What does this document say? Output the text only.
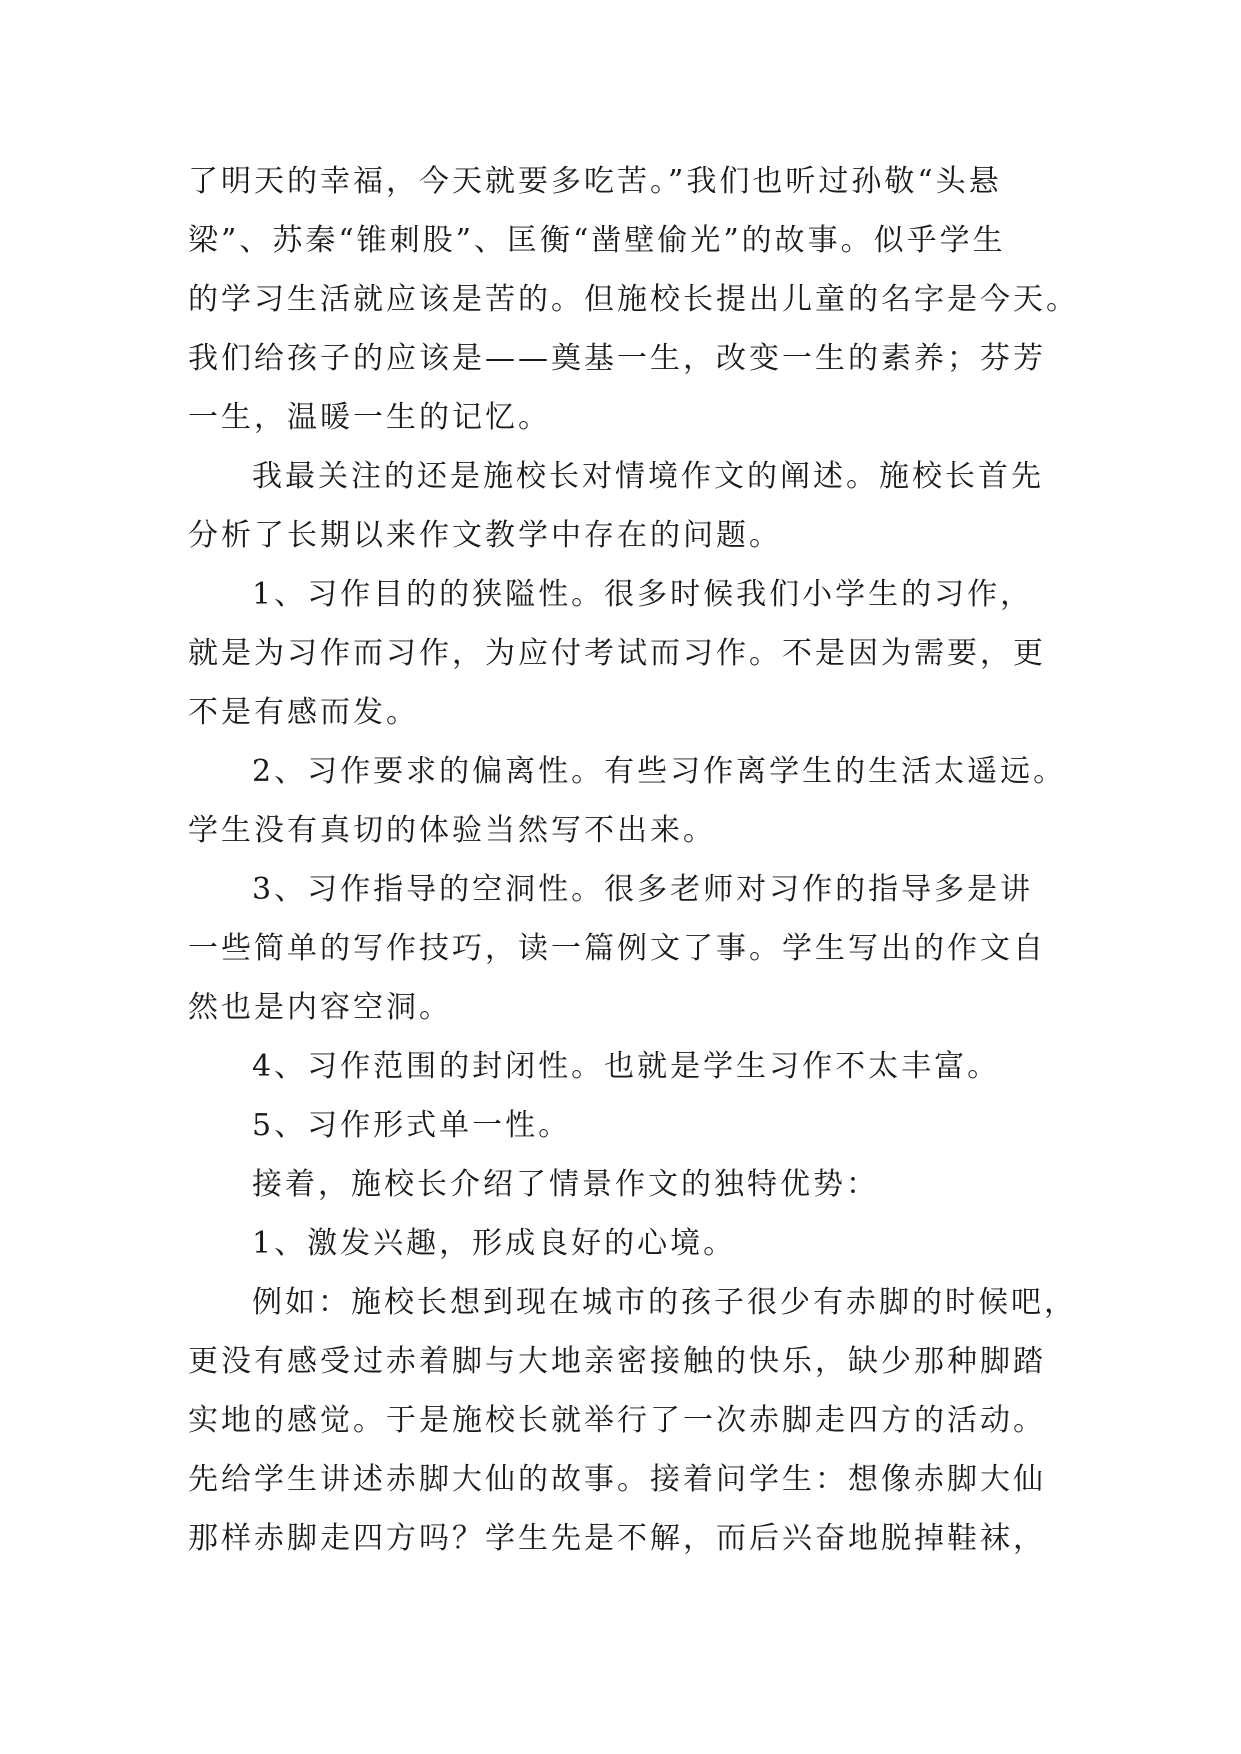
了明天的幸福，今天就要多吃苦。”我们也听过孙敬“头悬
梁”、苏秦“锥刺股”、匡衡“凿壁偷光”的故事。似乎学生
的学习生活就应该是苦的。但施校长提出儿童的名字是今天。
我们给孩子的应该是——奠基一生，改变一生的素养；芬芳
一生，温暖一生的记忆。
我最关注的还是施校长对情境作文的阐述。施校长首先
分析了长期以来作文教学中存在的问题。
1、习作目的的狭隘性。很多时候我们小学生的习作，
就是为习作而习作，为应付考试而习作。不是因为需要，更
不是有感而发。
2、习作要求的偏离性。有些习作离学生的生活太遥远。
学生没有真切的体验当然写不出来。
3、习作指导的空洞性。很多老师对习作的指导多是讲
一些简单的写作技巧，读一篇例文了事。学生写出的作文自
然也是内容空洞。
4、习作范围的封闭性。也就是学生习作不太丰富。
5、习作形式单一性。
接着，施校长介绍了情景作文的独特优势：
1、激发兴趣，形成良好的心境。
例如：施校长想到现在城市的孩子很少有赤脚的时候吧，
更没有感受过赤着脚与大地亲密接触的快乐，缺少那种脚踏
实地的感觉。于是施校长就举行了一次赤脚走四方的活动。
先给学生讲述赤脚大仙的故事。接着问学生：想像赤脚大仙
那样赤脚走四方吗？学生先是不解，而后兴奋地脱掉鞋袜，
